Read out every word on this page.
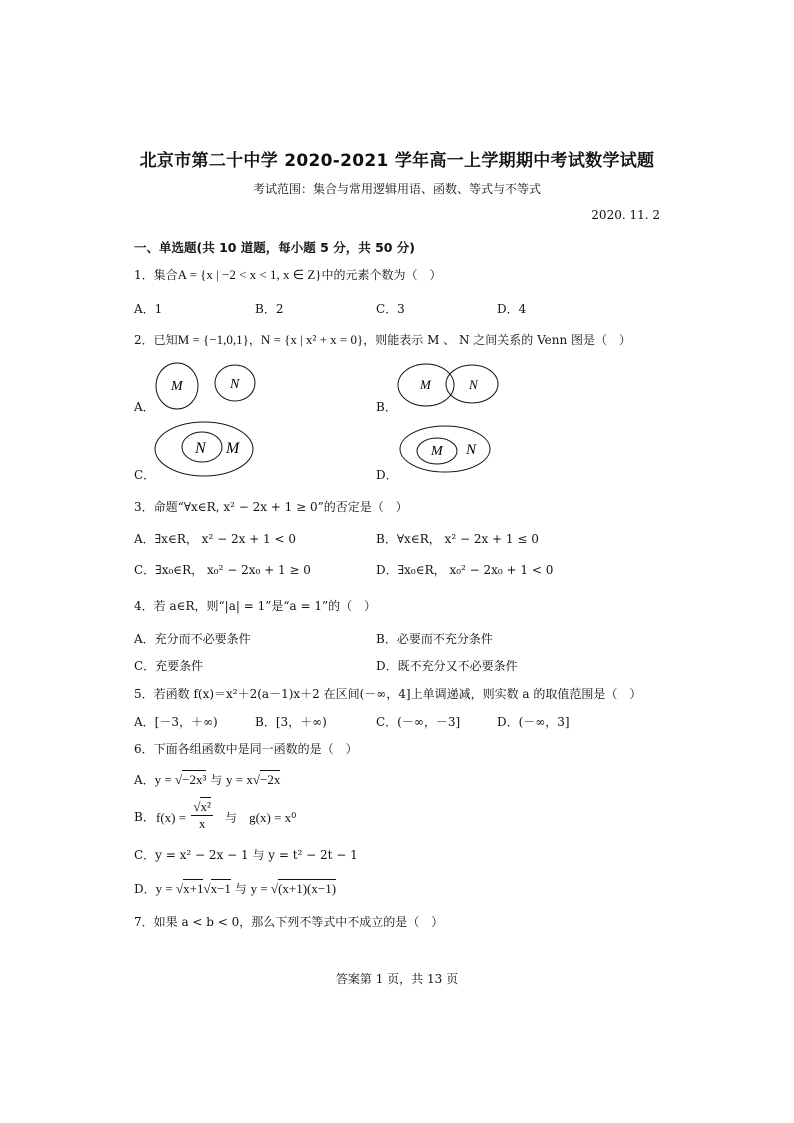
北京市第二十中学 2020-2021 学年高一上学期期中考试数学试题
考试范围：集合与常用逻辑用语、函数、等式与不等式
2020. 11. 2
一、单选题(共 10 道题，每小题 5 分，共 50 分)
1．集合A = {x | −2 < x < 1, x ∈ Z}中的元素个数为（　）
A．1	B．2	C．3	D．4
2．已知M = {−1,0,1}，N = {x | x² + x = 0}，则能表示 M 、 N 之间关系的 Venn 图是（　）
A．
M	N
B．
M	N
C．
N M
D．
M N
3．命题“∀x∈R, x² − 2x + 1 ≥ 0”的否定是（　）
A．∃x∈R， x² − 2x + 1 < 0	B．∀x∈R， x² − 2x + 1 ≤ 0
C．∃x₀∈R， x₀² − 2x₀ + 1 ≥ 0	D．∃x₀∈R， x₀² − 2x₀ + 1 < 0
4．若 a∈R，则“|a| = 1”是“a = 1”的（　）
A．充分而不必要条件	B．必要而不充分条件
C．充要条件	D．既不充分又不必要条件
5．若函数 f(x)＝x²＋2(a－1)x＋2 在区间(－∞，4]上单调递减，则实数 a 的取值范围是（　）
A．[－3，＋∞)	B．[3，＋∞)	C．(－∞，－3]	D．(－∞，3]
6．下面各组函数中是同一函数的是（　）
A．y = √−2x³ 与 y = x√−2x
B． $f(x) = \frac{\text{√x²}}{x}$ 与 g(x) = x⁰
C．y = x² − 2x − 1 与 y = t² − 2t − 1
D．y = √x+1√x−1 与 y = √(x+1)(x−1)
7．如果 a < b < 0，那么下列不等式中不成立的是（　）
答案第 1 页，共 13 页
